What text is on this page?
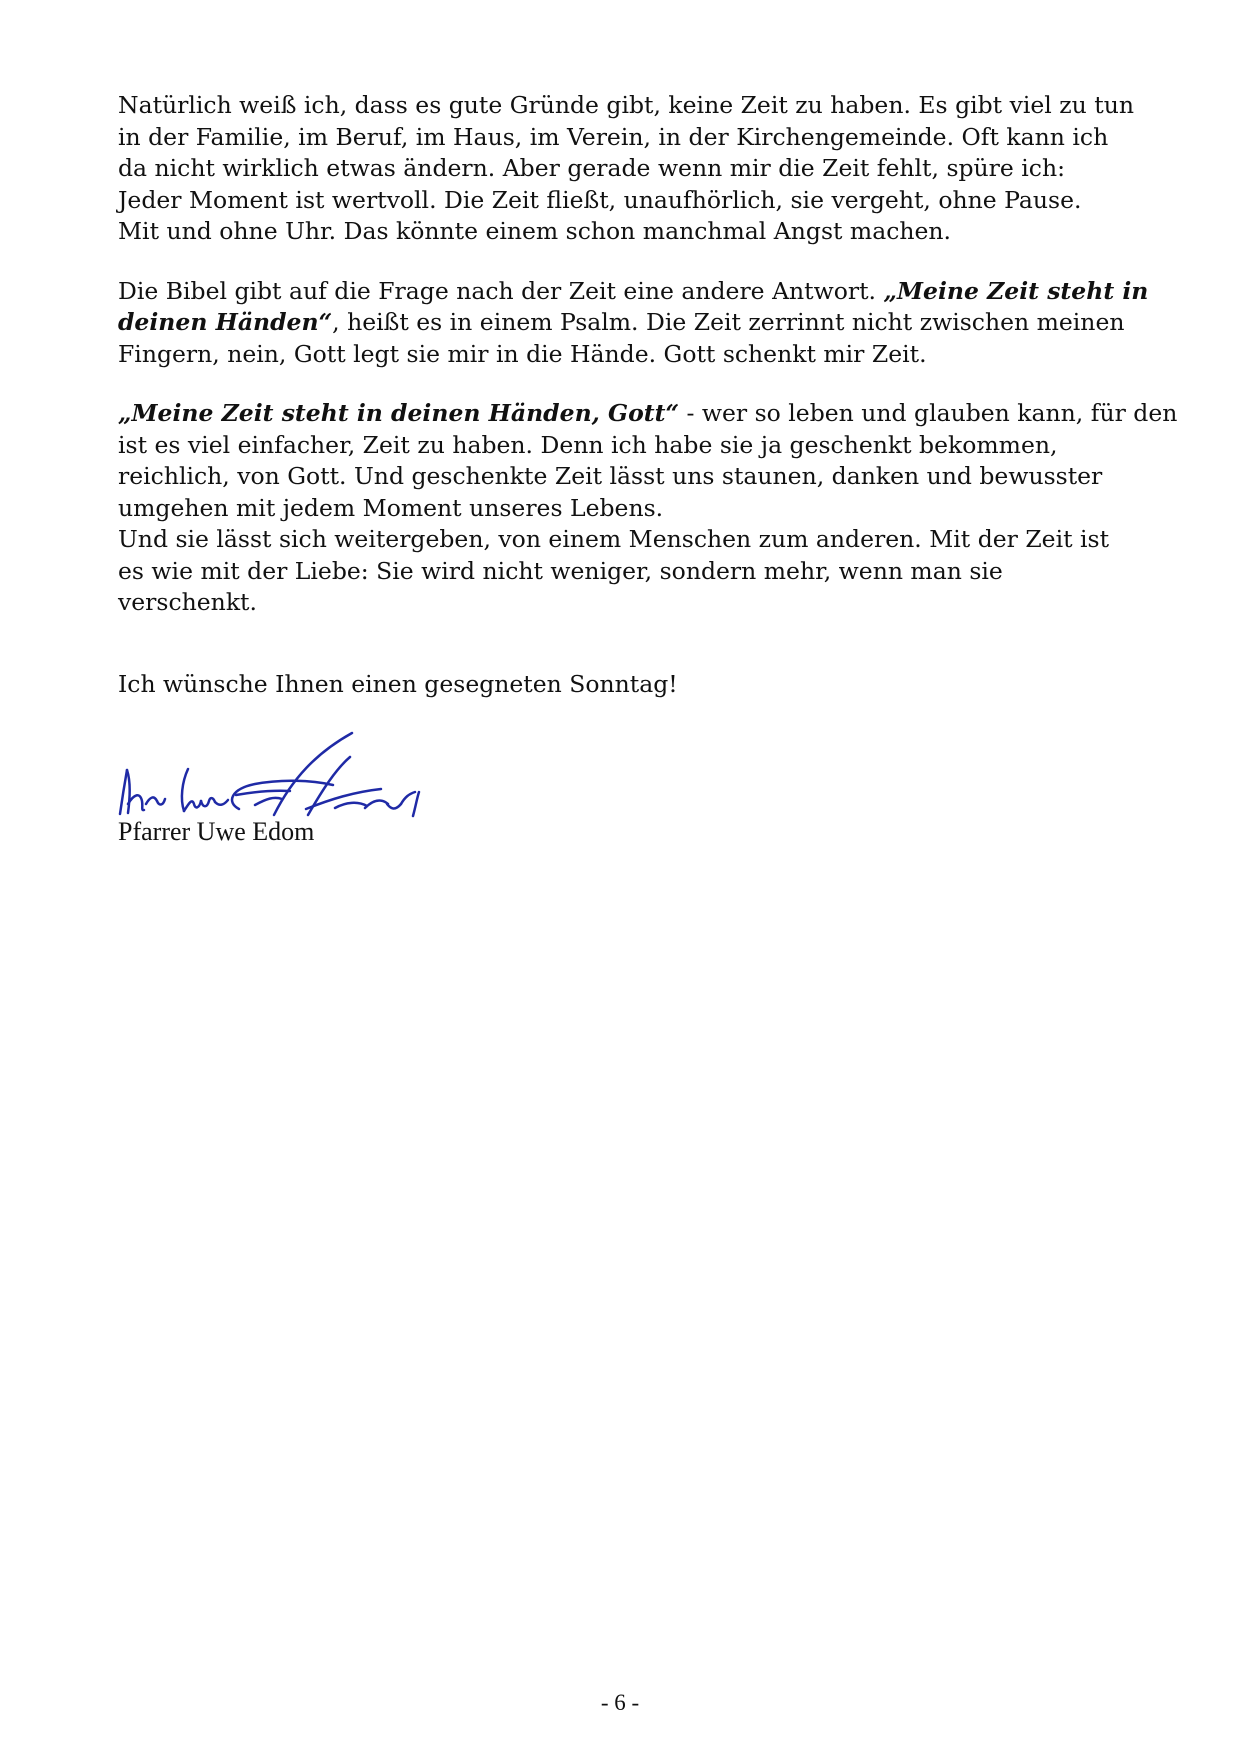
Natürlich weiß ich, dass es gute Gründe gibt, keine Zeit zu haben. Es gibt viel zu tun
in der Familie, im Beruf, im Haus, im Verein, in der Kirchengemeinde. Oft kann ich
da nicht wirklich etwas ändern. Aber gerade wenn mir die Zeit fehlt, spüre ich:
Jeder Moment ist wertvoll. Die Zeit fließt, unaufhörlich, sie vergeht, ohne Pause.
Mit und ohne Uhr. Das könnte einem schon manchmal Angst machen.

Die Bibel gibt auf die Frage nach der Zeit eine andere Antwort. „Meine Zeit steht in
deinen Händen“, heißt es in einem Psalm. Die Zeit zerrinnt nicht zwischen meinen
Fingern, nein, Gott legt sie mir in die Hände. Gott schenkt mir Zeit.

„Meine Zeit steht in deinen Händen, Gott“ - wer so leben und glauben kann, für den
ist es viel einfacher, Zeit zu haben. Denn ich habe sie ja geschenkt bekommen,
reichlich, von Gott. Und geschenkte Zeit lässt uns staunen, danken und bewusster
umgehen mit jedem Moment unseres Lebens.
Und sie lässt sich weitergeben, von einem Menschen zum anderen. Mit der Zeit ist
es wie mit der Liebe: Sie wird nicht weniger, sondern mehr, wenn man sie
verschenkt.

Ich wünsche Ihnen einen gesegneten Sonntag!

Pfarrer Uwe Edom
- 6 -
